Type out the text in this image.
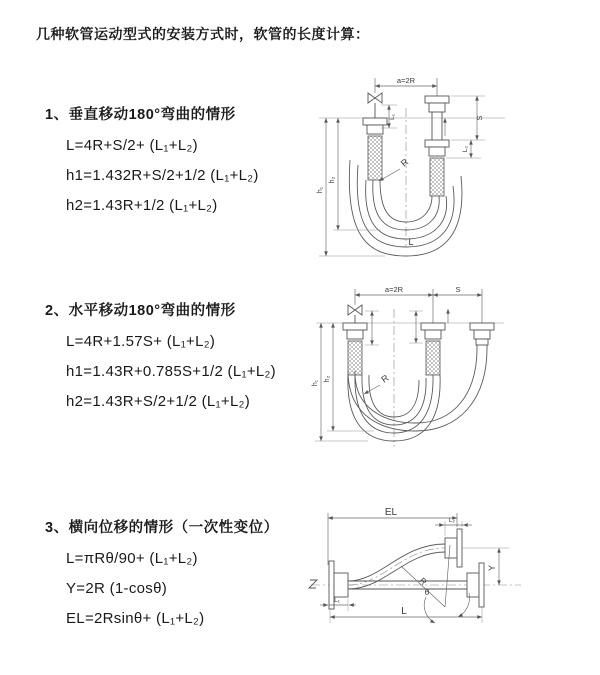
几种软管运动型式的安装方式时，软管的长度计算：
1、垂直移动180°弯曲的情形
L=4R+S/2+ (L₁+L₂)
h1=1.432R+S/2+1/2 (L₁+L₂)
h2=1.43R+1/2 (L₁+L₂)
2、水平移动180°弯曲的情形
L=4R+1.57S+ (L₁+L₂)
h1=1.43R+0.785S+1/2 (L₁+L₂)
h2=1.43R+S/2+1/2 (L₁+L₂)
3、横向位移的情形（一次性变位）
L=πRθ/90+ (L₁+L₂)
Y=2R (1-cosθ)
EL=2Rsinθ+ (L₁+L₂)
a=2R
R
L
h₁
h₂
L₁	S
L₂
a=2R	S
R
h₁
h₂
EL
L₂
Y
L
L₁
R
θ
